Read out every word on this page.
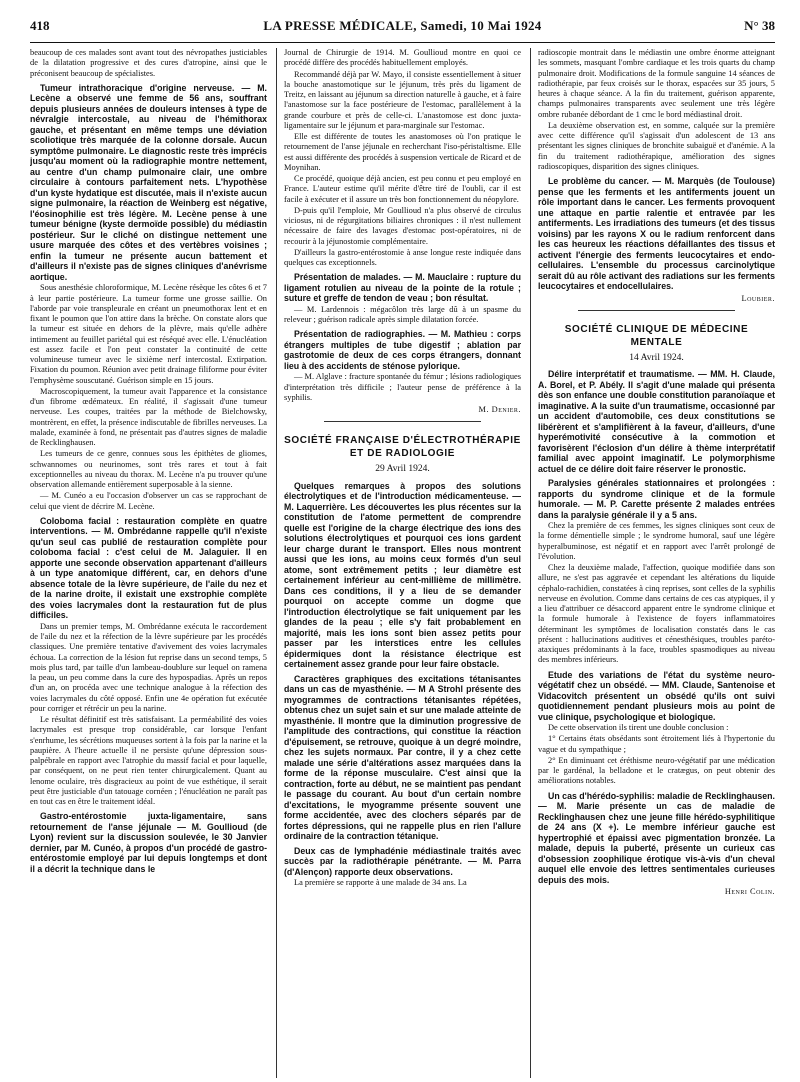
418	LA PRESSE MÉDICALE, Samedi, 10 Mai 1924	N° 38

beaucoup de ces malades sont avant tout des névropathes justiciables de la dilatation progressive et des cures d'atropine, ainsi que le préconisent beaucoup de spécialistes.

Tumeur intrathoracique d'origine nerveuse. — M. Lecène a observé une femme de 56 ans, souffrant depuis plusieurs années de douleurs intenses à type de névralgie intercostale, au niveau de l'hémithorax gauche, et présentant en même temps une déviation scoliotique très marquée de la colonne dorsale. Aucun symptôme pulmonaire. Le diagnostic reste très imprécis jusqu'au moment où la radiographie montre nettement, au centre d'un champ pulmonaire clair, une ombre circulaire à contours parfaitement nets. L'hypothèse d'un kyste hydatique est discutée, mais il n'existe aucun signe pulmonaire, la réaction de Weinberg est négative, l'éosinophilie est très légère. M. Lecène pense à une tumeur bénigne (kyste dermoïde possible) du médiastin postérieur. Sur le cliché on distingue nettement une usure marquée des côtes et des vertèbres voisines ; enfin la tumeur ne présente aucun battement et d'ailleurs il n'existe pas de signes cliniques d'anévrisme aortique.

Sous anesthésie chloroformique, M. Lecène résèque les côtes 6 et 7 à leur partie postérieure. La tumeur forme une grosse saillie. On l'aborde par voie transpleurale en créant un pneumothorax lent et en fixant le poumon que l'on attire dans la brèche. On constate alors que la tumeur est située en dehors de la plèvre, mais qu'elle adhère intimement au feuillet pariétal qui est réséqué avec elle. L'énucléation est assez facile et l'on peut constater la continuité de cette volumineuse tumeur avec le sixième nerf intercostal. Extirpation. Fixation du poumon. Réunion avec petit drainage filiforme pour éviter l'emphysème souscutané. Guérison simple en 15 jours.

Macroscopiquement, la tumeur avait l'apparence et la consistance d'un fibrome œdémateux. En réalité, il s'agissait d'une tumeur nerveuse. Les coupes, traitées par la méthode de Bielchowsky, montrèrent, en effet, la présence indiscutable de fibrilles nerveuses. La malade, examinée à fond, ne présentait pas d'autres signes de maladie de Recklinghausen.

Les tumeurs de ce genre, connues sous les épithètes de gliomes, schwannomes ou neurinomes, sont très rares et tout à fait exceptionnelles au niveau du thorax. M. Lecène n'a pu trouver qu'une observation allemande entièrement superposable à la sienne.

— M. Cunéo a eu l'occasion d'observer un cas se rapprochant de celui que vient de décrire M. Lecène.

Coloboma facial : restauration complète en quatre interventions. — M. Ombrédanne rappelle qu'il n'existe qu'un seul cas publié de restauration complète pour coloboma facial : c'est celui de M. Jalaguier. Il en apporte une seconde observation appartenant d'ailleurs à un type anatomique différent, car, en dehors d'une absence totale de la lèvre supérieure, de l'aile du nez et de la narine droite, il existait une exstrophie complète des voies lacrymales dont la restauration fut de plus difficiles.

Dans un premier temps, M. Ombrédanne exécuta le raccordement de l'aile du nez et la réfection de la lèvre supérieure par les procédés classiques. Une première tentative d'avivement des voies lacrymales échoua. La correction de la lésion fut reprise dans un second temps, 5 mois plus tard, par taille d'un lambeau-doublure sur lequel on ramena la peau, un peu comme dans la cure des hypospadias. Après un repos d'un an, on procéda avec une technique analogue à la réfection des voies lacrymales du côté opposé. Enfin une 4e opération fut exécutée pour corriger et rétrécir un peu la narine.

Le résultat définitif est très satisfaisant. La perméabilité des voies lacrymales est presque trop considérable, car lorsque l'enfant s'enrhume, les sécrétions muqueuses sortent à la fois par la narine et la paupière. A l'heure actuelle il ne persiste qu'une dépression sous-palpébrale en rapport avec l'atrophie du massif facial et pour laquelle, par conséquent, on ne peut rien tenter chirurgicalement. Quant au lenome oculaire, très disgracieux au point de vue esthétique, il serait peut être justiciable d'un tatouage cornéen ; l'énucléation ne paraît pas en tout cas en être le traitement idéal.

Gastro-entérostomie juxta-ligamentaire, sans retournement de l'anse jéjunale — M. Goullioud (de Lyon) revient sur la discussion soulevée, le 30 Janvier dernier, par M. Cunéo, à propos d'un procédé de gastro-entérostomie employé par lui depuis longtemps et dont il a décrit la technique dans le

Journal de Chirurgie de 1914. M. Goullioud montre en quoi ce procédé diffère des procédés habituellement employés.

Recommandé déjà par W. Mayo, il consiste essentiellement à situer la bouche anastomotique sur le jéjunum, très près du ligament de Treitz, en laissant au jéjunum sa direction naturelle à gauche, et à faire l'anastomose sur la face postérieure de l'estomac, parallèlement à la grande courbure et près de celle-ci. L'anastomose est donc juxta-ligamentaire sur le jéjunum et para-marginale sur l'estomac.

Elle est différente de toutes les anastomoses où l'on pratique le retournement de l'anse jéjunale en recherchant l'iso-péristaltisme. Elle est aussi différente des procédés à suspension verticale de Ricard et de Moynihan.

Ce procédé, quoique déjà ancien, est peu connu et peu employé en France. L'auteur estime qu'il mérite d'être tiré de l'oubli, car il est facile à exécuter et il assure un très bon fonctionnement du néopylore.

D-puis qu'il l'emploie, Mr Goullioud n'a plus observé de circulus viciosus, ni de régurgitations biliaires chroniques : il n'est nullement nécessaire de faire des lavages d'estomac post-opératoires, ni de recourir à la jéjunostomie complémentaire.

D'ailleurs la gastro-entérostomie à anse longue reste indiquée dans quelques cas exceptionnels.

Présentation de malades. — M. Mauclaire : rupture du ligament rotulien au niveau de la pointe de la rotule ; suture et greffe de tendon de veau ; bon résultat.

— M. Lardennois : mégacôlon très large dû à un spasme du releveur ; guérison radicale après simple dilatation forcée.

Présentation de radiographies. — M. Mathieu : corps étrangers multiples de tube digestif ; ablation par gastrotomie de deux de ces corps étrangers, donnant lieu à des accidents de sténose pylorique.

— M. Alglave : fracture spontanée du fémur ; lésions radiologiques d'interprétation très difficile ; l'auteur pense de préférence à la syphilis.

M. Denier.
SOCIÉTÉ FRANÇAISE D'ÉLECTROTHÉRAPIE ET DE RADIOLOGIE
29 Avril 1924.
Quelques remarques à propos des solutions électrolytiques et de l'introduction médicamenteuse. — M. Laquerrière. Les découvertes les plus récentes sur la constitution de l'atome permettent de comprendre quelle est l'origine de la charge électrique des ions des solutions électrolytiques et pourquoi ces ions gardent leur charge durant le transport. Elles nous montrent aussi que les ions, au moins ceux formés d'un seul atome, sont extrêmement petits ; leur diamètre est certainement inférieur au cent-millième de millimètre. Dans ces conditions, il y a lieu de se demander pourquoi on accepte comme un dogme que l'introduction électrolytique se fait uniquement par les glandes de la peau ; elle s'y fait probablement en majorité, mais les ions sont bien assez petits pour passer par les interstices entre les cellules épidermiques dont la résistance électrique est certainement assez grande pour leur faire obstacle.
Caractères graphiques des excitations tétanisantes dans un cas de myasthénie. — M A Strohl présente des myogrammes de contractions tétanisantes répétées, obtenus chez un sujet sain et sur une malade atteinte de myasthénie. Il montre que la diminution progressive de l'amplitude des contractions, qui constitue la réaction d'épuisement, se retrouve, quoique à un degré moindre, chez les sujets normaux. Par contre, il y a chez cette malade une série d'altérations assez marquées dans la forme de la réponse musculaire. C'est ainsi que la contraction, forte au début, ne se maintient pas pendant le passage du courant. Au bout d'un certain nombre d'excitations, le myogramme présente souvent une forme accidentée, avec des clochers séparés par de fortes dépressions, qui ne rappelle plus en rien l'allure ordinaire de la contraction tétanique.
Deux cas de lymphadénie médiastinale traités avec succès par la radiothérapie pénétrante. — M. Parra (d'Alençon) rapporte deux observations.

La première se rapporte à une malade de 34 ans. La

radioscopie montrait dans le médiastin une ombre énorme atteignant les sommets, masquant l'ombre cardiaque et les trois quarts du champ pulmonaire droit. Modifications de la formule sanguine 14 séances de radiothérapie, par feux croisés sur le thorax, espacées sur 35 jours, 5 heures à chaque séance. A la fin du traitement, guérison apparente, champs pulmonaires transparents avec seulement une très légère ombre rubanée débordant de 1 cmc le bord médiastinal droit.

La deuxième observation est, en somme, calquée sur la première avec cette différence qu'il s'agissait d'un adolescent de 13 ans présentant les signes cliniques de bronchite subaiguë et d'anémie. A la fin du traitement radiothérapique, amélioration des signes radioscopiques, disparition des signes cliniques.

Le problème du cancer. — M. Marquès (de Toulouse) pense que les ferments et les antiferments jouent un rôle important dans le cancer. Les ferments provoquent une attaque en partie ralentie et entravée par les antiferments. Les irradiations des tumeurs (et des tissus voisins) par les rayons X ou le radium renforcent dans les cas heureux les réactions défaillantes des tissus et activent l'énergie des ferments leucocytaires et endo-cellulaires. L'ensemble du processus carcinolytique serait dû au rôle activant des radiations sur les ferments leucocytaires et endocellulaires.
Loubier.
SOCIÉTÉ CLINIQUE DE MÉDECINE MENTALE
14 Avril 1924.
Délire interprétatif et traumatisme. — MM. H. Claude, A. Borel, et P. Abély. Il s'agit d'une malade qui présenta dès son enfance une double constitution paranoïaque et imaginative. A la suite d'un traumatisme, occasionné par un accident d'automobile, ces deux constitutions se libérèrent et s'amplifièrent à la faveur, d'ailleurs, d'une hyperémotivité consécutive à la commotion et favorisèrent l'éclosion d'un délire à thème interprétatif familial avec appoint imaginatif. Le polymorphisme actuel de ce délire doit faire réserver le pronostic.
Paralysies générales stationnaires et prolongées : rapports du syndrome clinique et de la formule humorale. — M. P. Carette présente 2 malades entrées dans la paralysie générale il y a 5 ans.

Chez la première de ces femmes, les signes cliniques sont ceux de la forme démentielle simple ; le syndrome humoral, sauf une légère hyperalbuminose, est négatif et en rapport avec l'arrêt prolongé de l'évolution.

Chez la deuxième malade, l'affection, quoique modifiée dans son allure, ne s'est pas aggravée et cependant les altérations du liquide céphalo-rachidien, constatées à cinq reprises, sont celles de la syphilis nerveuse en évolution. Comme dans certains de ces cas atypiques, il y a lieu d'attribuer ce désaccord apparent entre le syndrome clinique et la formule humorale à l'existence de foyers inflammatoires déterminant les symptômes de localisation constatés dans le cas présent : hallucinations auditives et cénesthésiques, troubles paréto-ataxiques prédominants à la face, troubles spasmodiques au niveau des membres inférieurs.

Etude des variations de l'état du système neuro-végétatif chez un obsédé. — MM. Claude, Santenoise et Vidacovitch présentent un obsédé qu'ils ont suivi quotidiennement pendant plusieurs mois au point de vue clinique, psychologique et biologique.

De cette observation ils tirent une double conclusion :

1° Certains états obsédants sont étroitement liés à l'hypertonie du vague et du sympathique ;

2° En diminuant cet éréthisme neuro-végétatif par une médication par le gardénal, la belladone et le cratægus, on peut obtenir des améliorations notables.

Un cas d'hérédo-syphilis: maladie de Recklinghausen. — M. Marie présente un cas de maladie de Recklinghausen chez une jeune fille hérédo-syphilitique de 24 ans (X +). Le membre inférieur gauche est hypertrophié et épaissi avec pigmentation bronzée. La malade, depuis la puberté, présente un curieux cas d'obsession zoophilique érotique vis-à-vis d'un cheval auquel elle envoie des lettres sentimentales curieuses depuis des mois.
Henri Colin.
